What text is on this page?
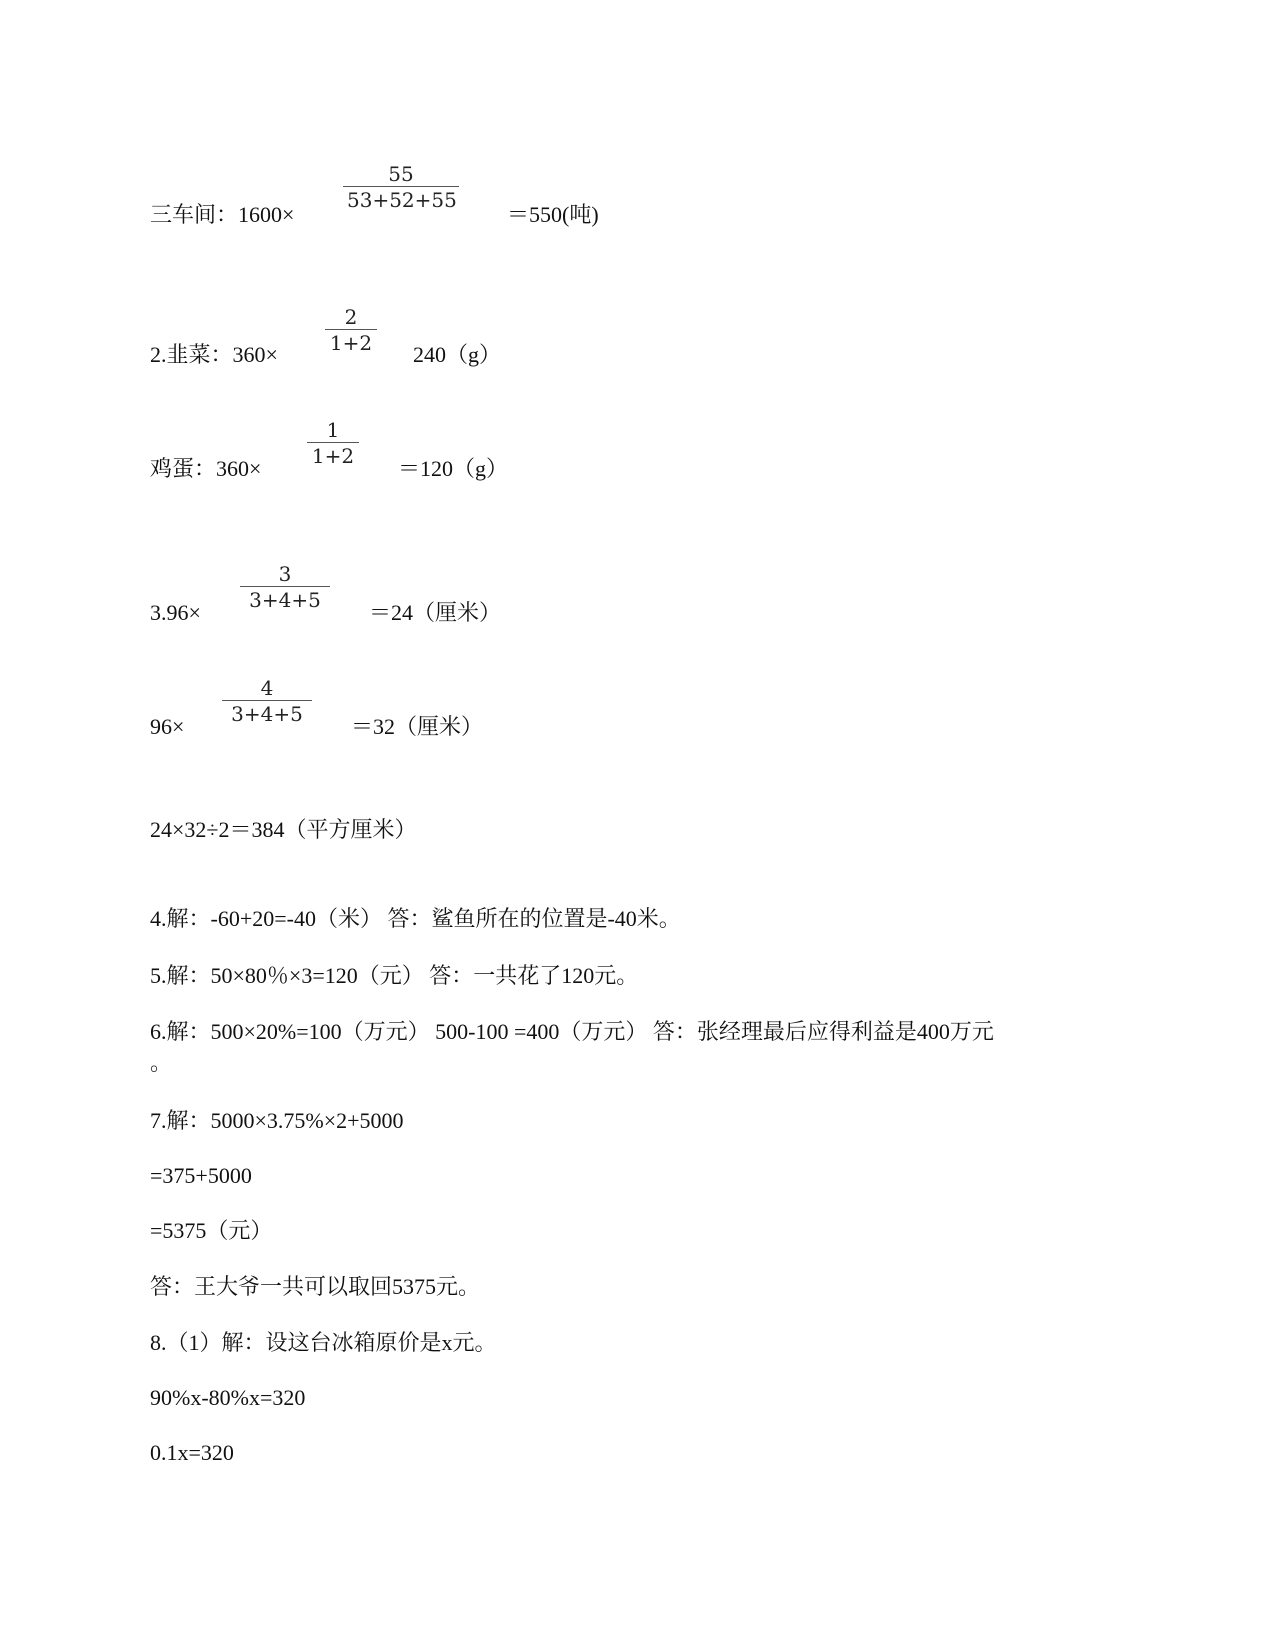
三车间：1600×
55
53+52+55
＝550(吨)
2.韭菜：360×
2
1+2 240（g）
鸡蛋：360×
1
1+2 ＝120（g）
3.96×
3
3+4+5	＝24（厘米）
96×
4
3+4+5	＝32（厘米）
24×32÷2＝384（平方厘米）
4.解：-60+20=-40（米） 答：鲨鱼所在的位置是-40米。
5.解：50×80％×3=120（元） 答：一共花了120元。
6.解：500×20%=100（万元） 500-100 =400（万元） 答：张经理最后应得利益是400万元
。
7.解：5000×3.75%×2+5000
=375+5000
=5375（元）
答：王大爷一共可以取回5375元。
8.（1）解：设这台冰箱原价是x元。
90%x-80%x=320
0.1x=320
